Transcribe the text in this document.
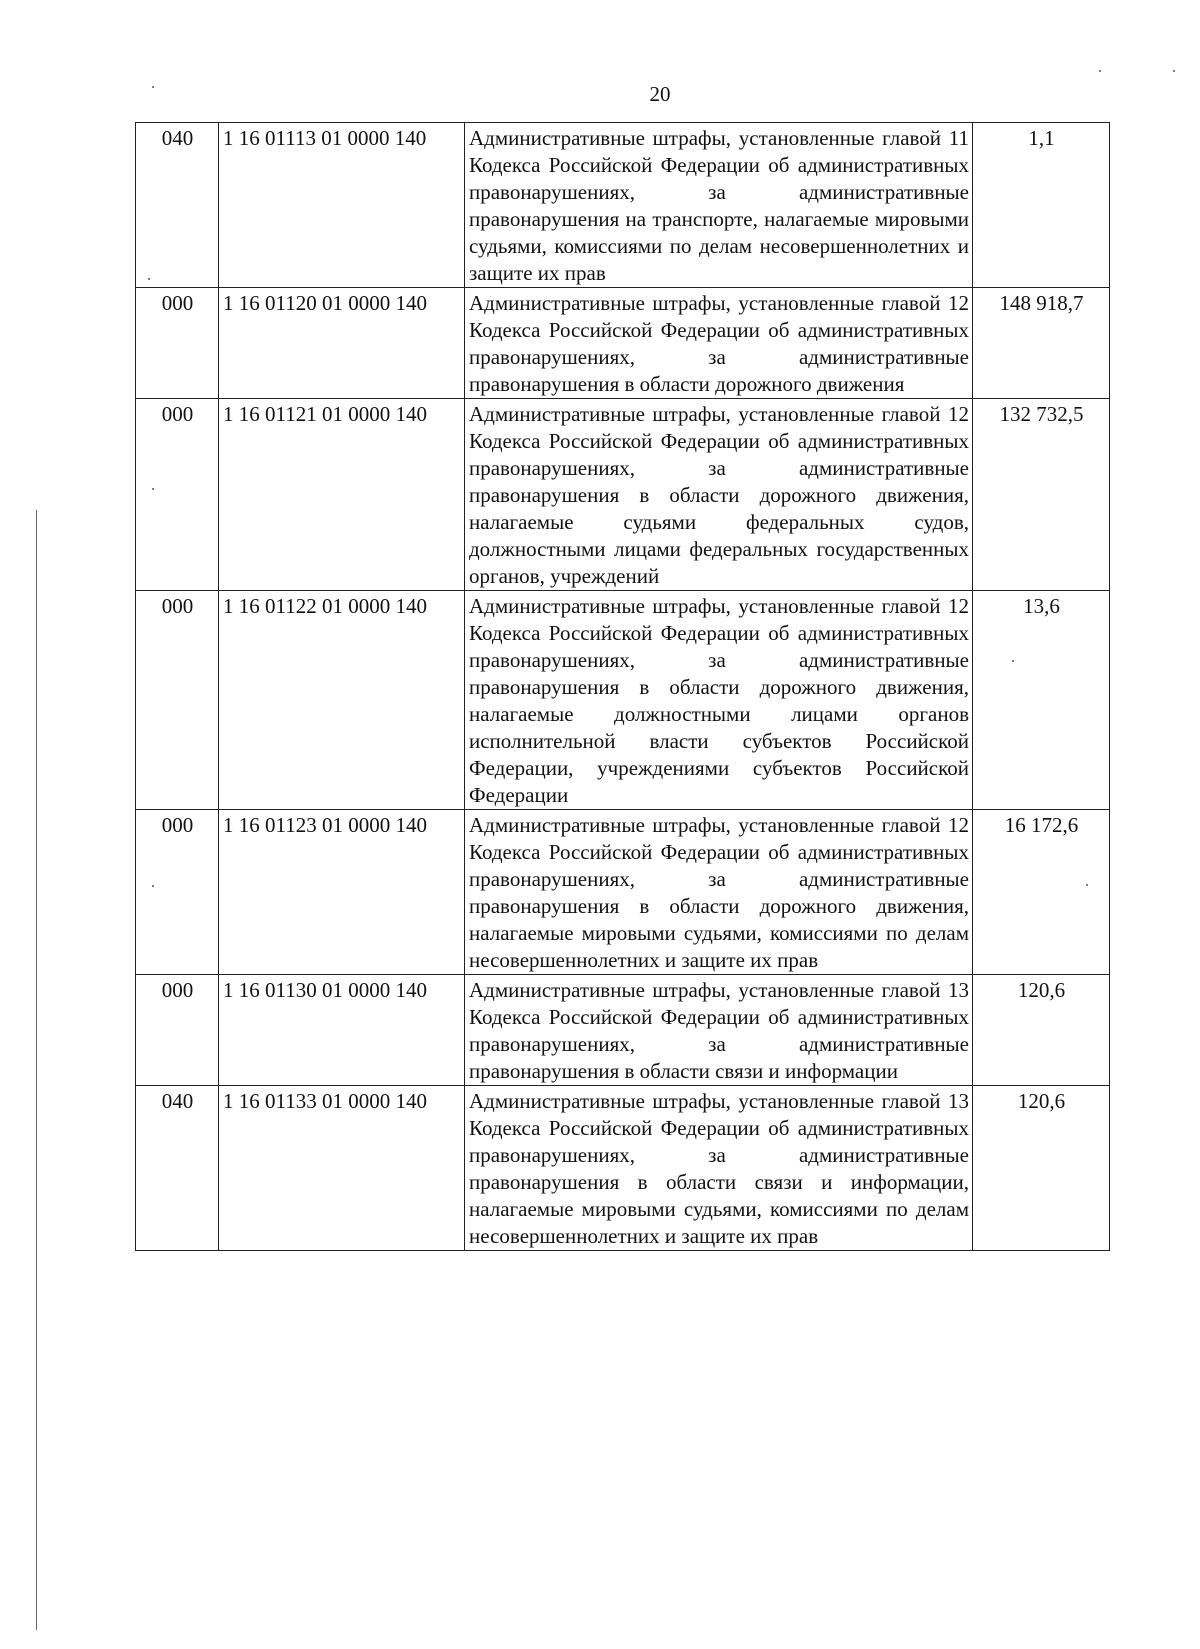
20
040	1 16 01113 01 0000 140	Административные штрафы, установленные главой 11 Кодекса Российской Федерации об административных правонарушениях, за административные правонарушения на транспорте, налагаемые мировыми судьями, комиссиями по делам несовершеннолетних и защите их прав	1,1
000	1 16 01120 01 0000 140	Административные штрафы, установленные главой 12 Кодекса Российской Федерации об административных правонарушениях, за административные правонарушения в области дорожного движения	148 918,7
000	1 16 01121 01 0000 140	Административные штрафы, установленные главой 12 Кодекса Российской Федерации об административных правонарушениях, за административные правонарушения в области дорожного движения, налагаемые судьями федеральных судов, должностными лицами федеральных государственных органов, учреждений	132 732,5
000	1 16 01122 01 0000 140	Административные штрафы, установленные главой 12 Кодекса Российской Федерации об административных правонарушениях, за административные правонарушения в области дорожного движения, налагаемые должностными лицами органов исполнительной власти субъектов Российской Федерации, учреждениями субъектов Российской Федерации	13,6
000	1 16 01123 01 0000 140	Административные штрафы, установленные главой 12 Кодекса Российской Федерации об административных правонарушениях, за административные правонарушения в области дорожного движения, налагаемые мировыми судьями, комиссиями по делам несовершеннолетних и защите их прав	16 172,6
000	1 16 01130 01 0000 140	Административные штрафы, установленные главой 13 Кодекса Российской Федерации об административных правонарушениях, за административные правонарушения в области связи и информации	120,6
040	1 16 01133 01 0000 140	Административные штрафы, установленные главой 13 Кодекса Российской Федерации об административных правонарушениях, за административные правонарушения в области связи и информации, налагаемые мировыми судьями, комиссиями по делам несовершеннолетних и защите их прав	120,6
